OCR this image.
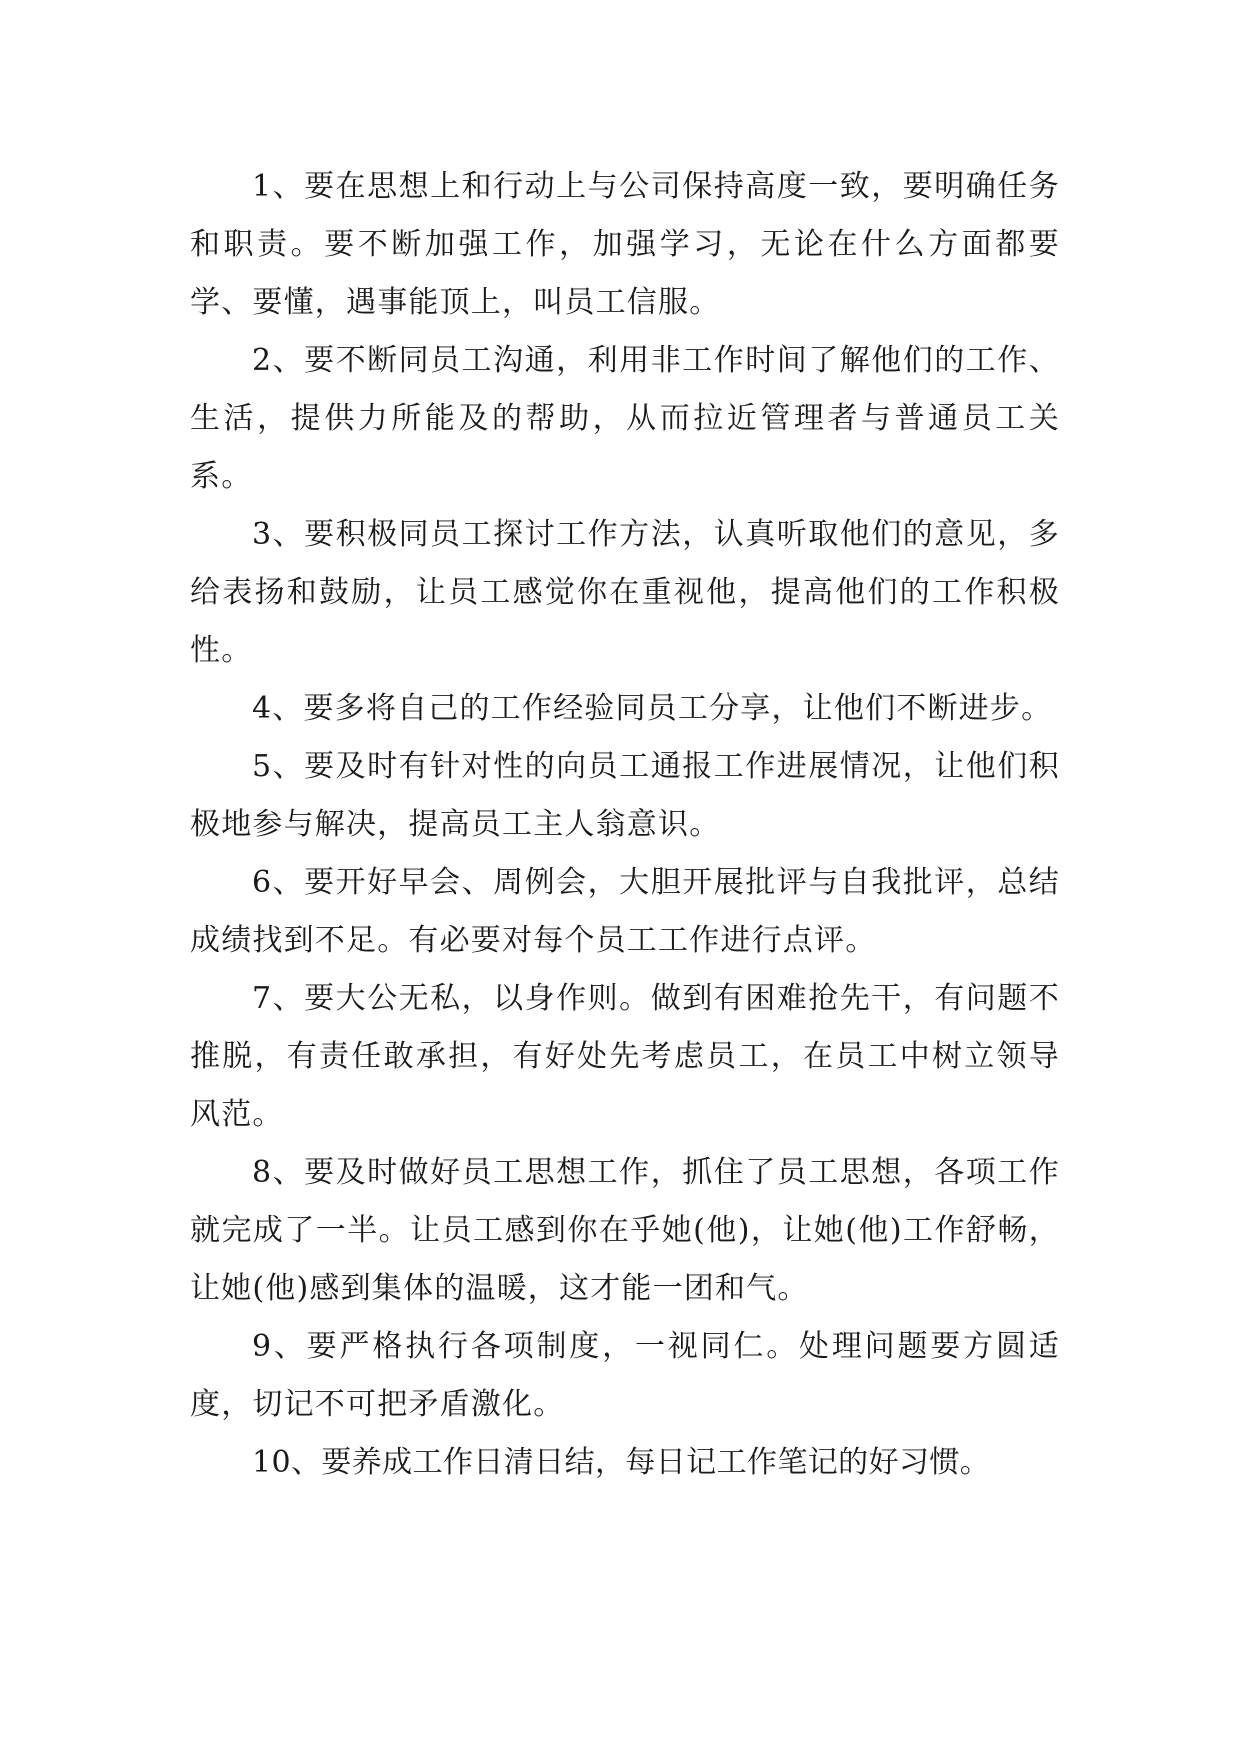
1、要在思想上和行动上与公司保持高度一致，要明确任务和职责。要不断加强工作，加强学习，无论在什么方面都要学、要懂，遇事能顶上，叫员工信服。

2、要不断同员工沟通，利用非工作时间了解他们的工作、生活，提供力所能及的帮助，从而拉近管理者与普通员工关系。

3、要积极同员工探讨工作方法，认真听取他们的意见，多给表扬和鼓励，让员工感觉你在重视他，提高他们的工作积极性。

4、要多将自己的工作经验同员工分享，让他们不断进步。

5、要及时有针对性的向员工通报工作进展情况，让他们积极地参与解决，提高员工主人翁意识。

6、要开好早会、周例会，大胆开展批评与自我批评，总结成绩找到不足。有必要对每个员工工作进行点评。

7、要大公无私，以身作则。做到有困难抢先干，有问题不推脱，有责任敢承担，有好处先考虑员工，在员工中树立领导风范。

8、要及时做好员工思想工作，抓住了员工思想，各项工作就完成了一半。让员工感到你在乎她(他)，让她(他)工作舒畅，让她(他)感到集体的温暖，这才能一团和气。

9、要严格执行各项制度，一视同仁。处理问题要方圆适度，切记不可把矛盾激化。

10、要养成工作日清日结，每日记工作笔记的好习惯。
